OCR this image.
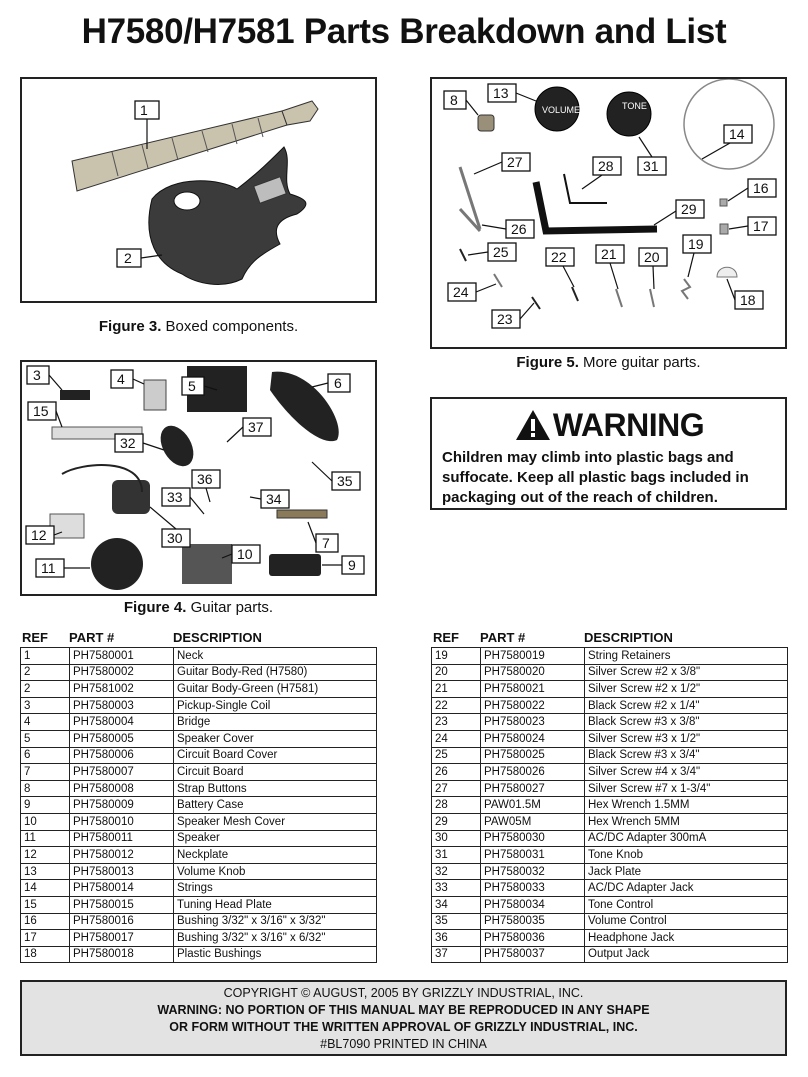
H7580/H7581 Parts Breakdown and List
1
2
Figure 3. Boxed components.
VOLUME	TONE
8	13
31
14
27	28
16
29
17
26
25	22 21 20
19
24	18
23
Figure 5. More guitar parts.
3	4	5	6
15
37
32
35
36
34
33
7
12	30
10
11	9
Figure 4. Guitar parts.
WARNING
Children may climb into plastic bags and suffocate. Keep all plastic bags included in packaging out of the reach of children.
REF	PART #	DESCRIPTION
1	PH7580001	Neck
2	PH7580002	Guitar Body-Red (H7580)
2	PH7581002	Guitar Body-Green (H7581)
3	PH7580003	Pickup-Single Coil
4	PH7580004	Bridge
5	PH7580005	Speaker Cover
6	PH7580006	Circuit Board Cover
7	PH7580007	Circuit Board
8	PH7580008	Strap Buttons
9	PH7580009	Battery Case
10	PH7580010	Speaker Mesh Cover
11	PH7580011	Speaker
12	PH7580012	Neckplate
13	PH7580013	Volume Knob
14	PH7580014	Strings
15	PH7580015	Tuning Head Plate
16	PH7580016	Bushing 3/32" x 3/16" x 3/32"
17	PH7580017	Bushing 3/32" x 3/16" x 6/32"
18	PH7580018	Plastic Bushings
REF	PART #	DESCRIPTION
19	PH7580019	String Retainers
20	PH7580020	Silver Screw #2 x 3/8"
21	PH7580021	Silver Screw #2 x 1/2"
22	PH7580022	Black Screw #2 x 1/4"
23	PH7580023	Black Screw #3 x 3/8"
24	PH7580024	Silver Screw #3 x 1/2"
25	PH7580025	Black Screw #3 x 3/4"
26	PH7580026	Silver Screw #4 x 3/4"
27	PH7580027	Silver Screw #7 x 1-3/4"
28	PAW01.5M	Hex Wrench 1.5MM
29	PAW05M	Hex Wrench 5MM
30	PH7580030	AC/DC Adapter 300mA
31	PH7580031	Tone Knob
32	PH7580032	Jack Plate
33	PH7580033	AC/DC Adapter Jack
34	PH7580034	Tone Control
35	PH7580035	Volume Control
36	PH7580036	Headphone Jack
37	PH7580037	Output Jack
COPYRIGHT © AUGUST, 2005 BY GRIZZLY INDUSTRIAL, INC.
WARNING: NO PORTION OF THIS MANUAL MAY BE REPRODUCED IN ANY SHAPE
OR FORM WITHOUT THE WRITTEN APPROVAL OF GRIZZLY INDUSTRIAL, INC.
#BL7090 PRINTED IN CHINA
